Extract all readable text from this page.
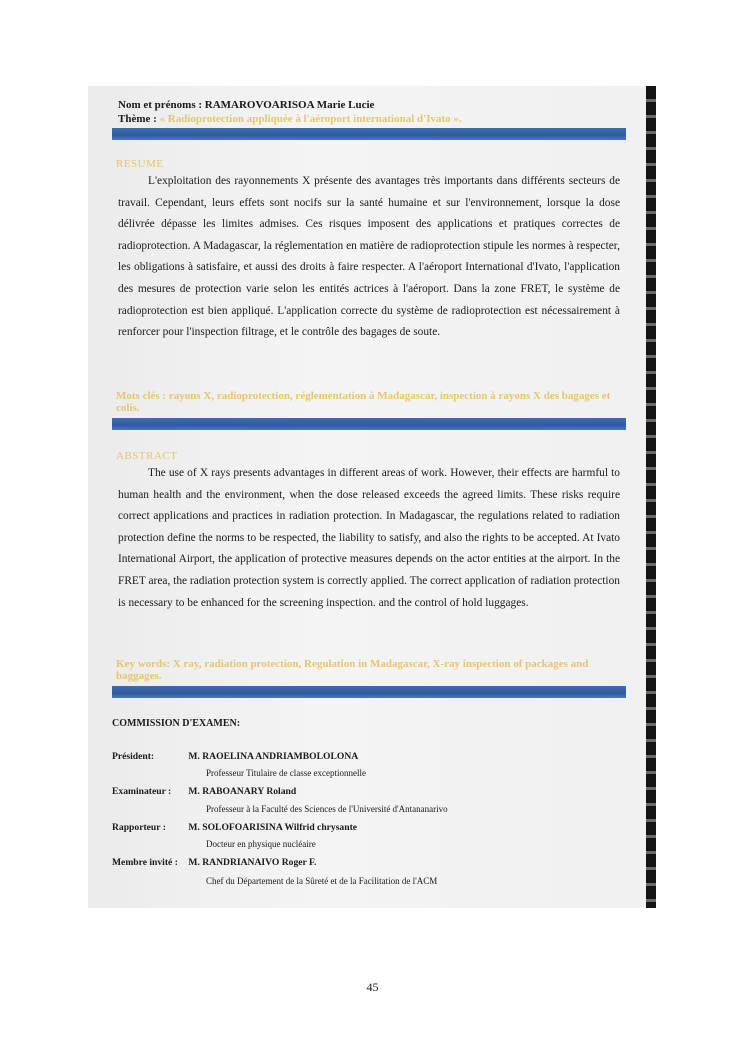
Nom et prénoms : RAMAROVOARISOA Marie Lucie
Thème : « Radioprotection appliquée à l'aéroport international d'Ivato ».
RESUME

L'exploitation des rayonnements X présente des avantages très importants dans différents secteurs de travail. Cependant, leurs effets sont nocifs sur la santé humaine et sur l'environnement, lorsque la dose délivrée dépasse les limites admises. Ces risques imposent des applications et pratiques correctes de radioprotection. A Madagascar, la réglementation en matière de radioprotection stipule les normes à respecter, les obligations à satisfaire, et aussi des droits à faire respecter. A l'aéroport International d'Ivato, l'application des mesures de protection varie selon les entités actrices à l'aéroport. Dans la zone FRET, le système de radioprotection est bien appliqué. L'application correcte du système de radioprotection est nécessairement à renforcer pour l'inspection filtrage, et le contrôle des bagages de soute.

Mots clés : rayons X, radioprotection, réglementation à Madagascar, inspection à rayons X des bagages et colis.

ABSTRACT

The use of X rays presents advantages in different areas of work. However, their effects are harmful to human health and the environment, when the dose released exceeds the agreed limits. These risks require correct applications and practices in radiation protection. In Madagascar, the regulations related to radiation protection define the norms to be respected, the liability to satisfy, and also the rights to be accepted. At Ivato International Airport, the application of protective measures depends on the actor entities at the airport. In the FRET area, the radiation protection system is correctly applied. The correct application of radiation protection is necessary to be enhanced for the screening inspection. and the control of hold luggages.

Key words: X ray, radiation protection, Regulation in Madagascar, X-ray inspection of packages and baggages.

COMMISSION D'EXAMEN:
Président:	M. RAOELINA ANDRIAMBOLOLONA
Professeur Titulaire de classe exceptionnelle
Examinateur : M. RABOANARY Roland
Professeur à la Faculté des Sciences de l'Université d'Antananarivo
Rapporteur : M. SOLOFOARISINA Wilfrid chrysante
Docteur en physique nucléaire
Membre invité : M. RANDRIANAIVO Roger F.
Chef du Département de la Sûreté et de la Facilitation de l'ACM
45
